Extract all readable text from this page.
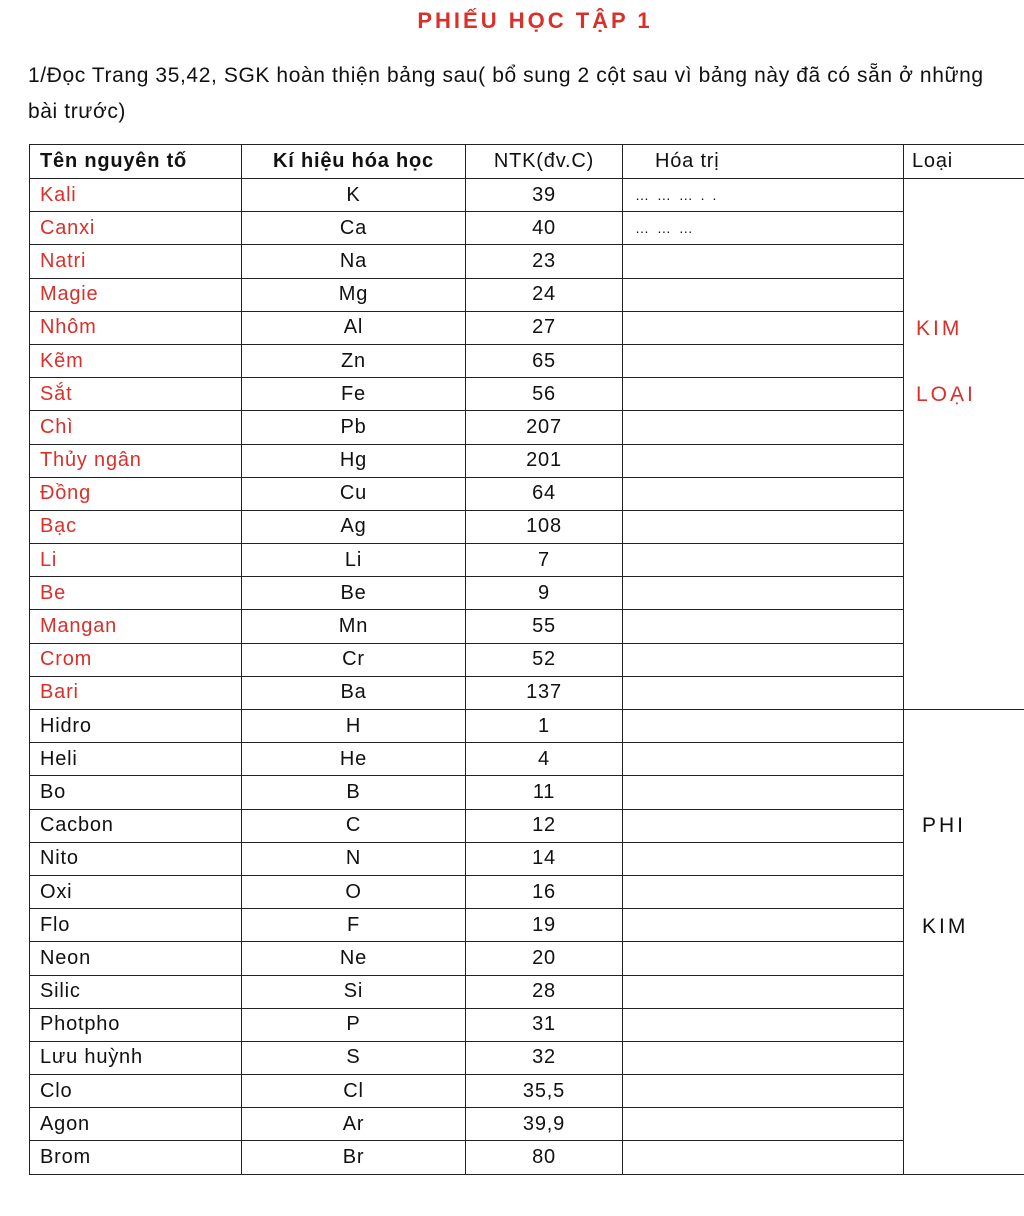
PHIẾU HỌC TẬP 1
1/Đọc Trang 35,42, SGK hoàn thiện bảng sau( bổ sung 2 cột sau vì bảng này đã có sẵn ở những bài trước)
Tên nguyên tố	Kí hiệu hóa học	NTK(đv.C)	Hóa trị	Loại
Kali	K	39	… … … . .	KIM
LOẠI

Canxi	Ca	40	… … …	
Natri	Na	23		
Magie	Mg	24		
Nhôm	Al	27		
Kẽm	Zn	65		
Sắt	Fe	56		
Chì	Pb	207		
Thủy ngân	Hg	201		
Đồng	Cu	64		
Bạc	Ag	108		
Li	Li	7		
Be	Be	9		
Mangan	Mn	55		
Crom	Cr	52		
Bari	Ba	137		
Hidro	H	1		PHI
KIM

Heli	He	4		
Bo	B	11		
Cacbon	C	12		
Nito	N	14		
Oxi	O	16		
Flo	F	19		
Neon	Ne	20		
Silic	Si	28		
Photpho	P	31		
Lưu huỳnh	S	32		
Clo	Cl	35,5		
Agon	Ar	39,9		
Brom	Br	80		
